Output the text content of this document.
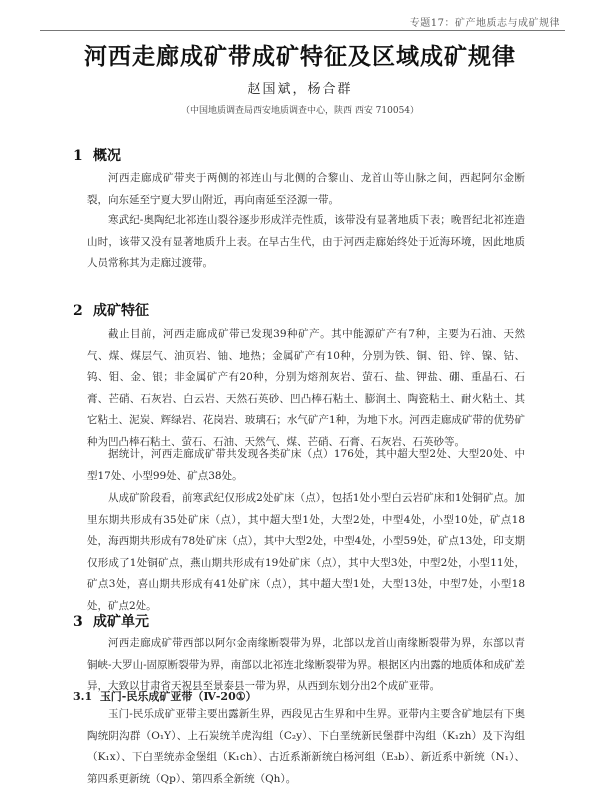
专题17：矿产地质志与成矿规律
河西走廊成矿带成矿特征及区域成矿规律
赵国斌，杨合群
（中国地质调查局西安地质调查中心，陕西 西安 710054）
1 概况

河西走廊成矿带夹于两侧的祁连山与北侧的合黎山、龙首山等山脉之间，西起阿尔金断裂，向东延至宁夏大罗山附近，再向南延至泾源一带。

寒武纪-奥陶纪北祁连山裂谷逐步形成洋壳性质，该带没有显著地质下表；晚晋纪北祁连造山时，该带又没有显著地质升上表。在早古生代，由于河西走廊始终处于近海环境，因此地质人员常称其为走廊过渡带。

2 成矿特征

截止目前，河西走廊成矿带已发现39种矿产。其中能源矿产有7种，主要为石油、天然气、煤、煤层气、油页岩、铀、地热；金属矿产有10种，分别为铁、铜、铅、锌、镍、钴、钨、钼、金、银；非金属矿产有20种，分别为熔剂灰岩、萤石、盐、钾盐、硼、重晶石、石膏、芒硝、石灰岩、白云岩、天然石英砂、凹凸棒石粘土、膨润土、陶瓷粘土、耐火粘土、其它粘土、泥炭、辉绿岩、花岗岩、玻璃石；水气矿产1种，为地下水。河西走廊成矿带的优势矿种为凹凸棒石粘土、萤石、石油、天然气、煤、芒硝、石膏、石灰岩、石英砂等。

据统计，河西走廊成矿带共发现各类矿床（点）176处，其中超大型2处、大型20处、中型17处、小型99处、矿点38处。

从成矿阶段看，前寒武纪仅形成2处矿床（点），包括1处小型白云岩矿床和1处铜矿点。加里东期共形成有35处矿床（点），其中超大型1处，大型2处，中型4处，小型10处，矿点18处，海西期共形成有78处矿床（点），其中大型2处，中型4处，小型59处，矿点13处，印支期仅形成了1处铜矿点，燕山期共形成有19处矿床（点），其中大型3处，中型2处，小型11处，矿点3处，喜山期共形成有41处矿床（点），其中超大型1处，大型13处，中型7处，小型18处，矿点2处。

3 成矿单元

河西走廊成矿带西部以阿尔金南缘断裂带为界，北部以龙首山南缘断裂带为界，东部以青铜峡-大罗山-固原断裂带为界，南部以北祁连北缘断裂带为界。根据区内出露的地质体和成矿差异，大致以甘肃省天祝县至景泰县一带为界，从西到东划分出2个成矿亚带。

3.1 玉门-民乐成矿亚带（Ⅳ-20①）

玉门-民乐成矿亚带主要出露新生界，西段见古生界和中生界。亚带内主要含矿地层有下奥陶统阴沟群（O₁Y）、上石炭统羊虎沟组（C₂y）、下白垩统新民堡群中沟组（K₁zh）及下沟组（K₁x）、下白垩统赤金堡组（K₁ch）、古近系渐新统白杨河组（E₃b）、新近系中新统（N₁）、第四系更新统（Qp）、第四系全新统（Qh）。
